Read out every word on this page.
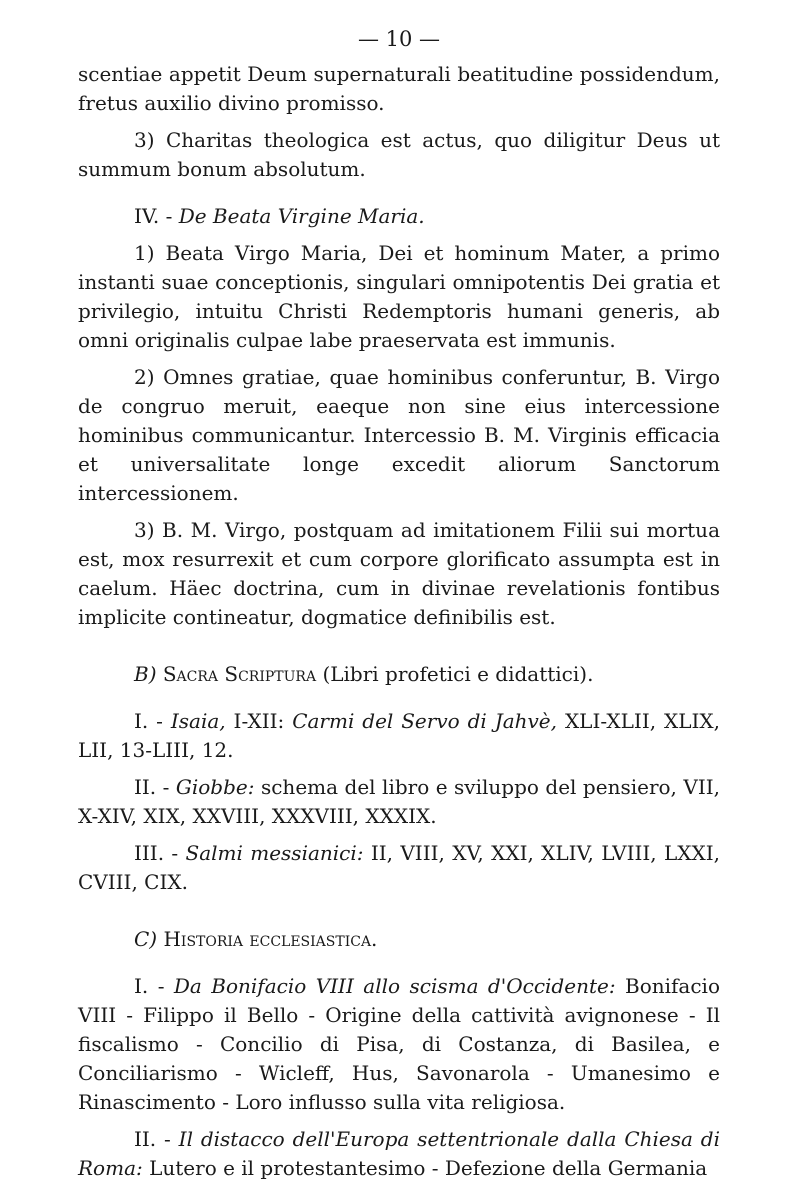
— 10 —

scentiae appetit Deum supernaturali beatitudine possidendum, fretus auxilio divino promisso.

3) Charitas theologica est actus, quo diligitur Deus ut summum bonum absolutum.

IV. - De Beata Virgine Maria.

1) Beata Virgo Maria, Dei et hominum Mater, a primo instanti suae conceptionis, singulari omnipotentis Dei gratia et privilegio, intuitu Christi Redemptoris humani generis, ab omni originalis culpae labe praeservata est immunis.

2) Omnes gratiae, quae hominibus conferuntur, B. Virgo de congruo meruit, eaeque non sine eius intercessione hominibus communicantur. Intercessio B. M. Virginis efficacia et universalitate longe excedit aliorum Sanctorum intercessionem.

3) B. M. Virgo, postquam ad imitationem Filii sui mortua est, mox resurrexit et cum corpore glorificato assumpta est in caelum. Häec doctrina, cum in divinae revelationis fontibus implicite contineatur, dogmatice definibilis est.

B) Sacra Scriptura (Libri profetici e didattici).

I. - Isaia, I-XII: Carmi del Servo di Jahvè, XLI-XLII, XLIX, LII, 13-LIII, 12.

II. - Giobbe: schema del libro e sviluppo del pensiero, VII, X-XIV, XIX, XXVIII, XXXVIII, XXXIX.

III. - Salmi messianici: II, VIII, XV, XXI, XLIV, LVIII, LXXI, CVIII, CIX.

C) Historia ecclesiastica.

I. - Da Bonifacio VIII allo scisma d'Occidente: Bonifacio VIII - Filippo il Bello - Origine della cattività avignonese - Il fiscalismo - Concilio di Pisa, di Costanza, di Basilea, e Conciliarismo - Wicleff, Hus, Savonarola - Umanesimo e Rinascimento - Loro influsso sulla vita religiosa.

II. - Il distacco dell'Europa settentrionale dalla Chiesa di Roma: Lutero e il protestantesimo - Defezione della Germania
